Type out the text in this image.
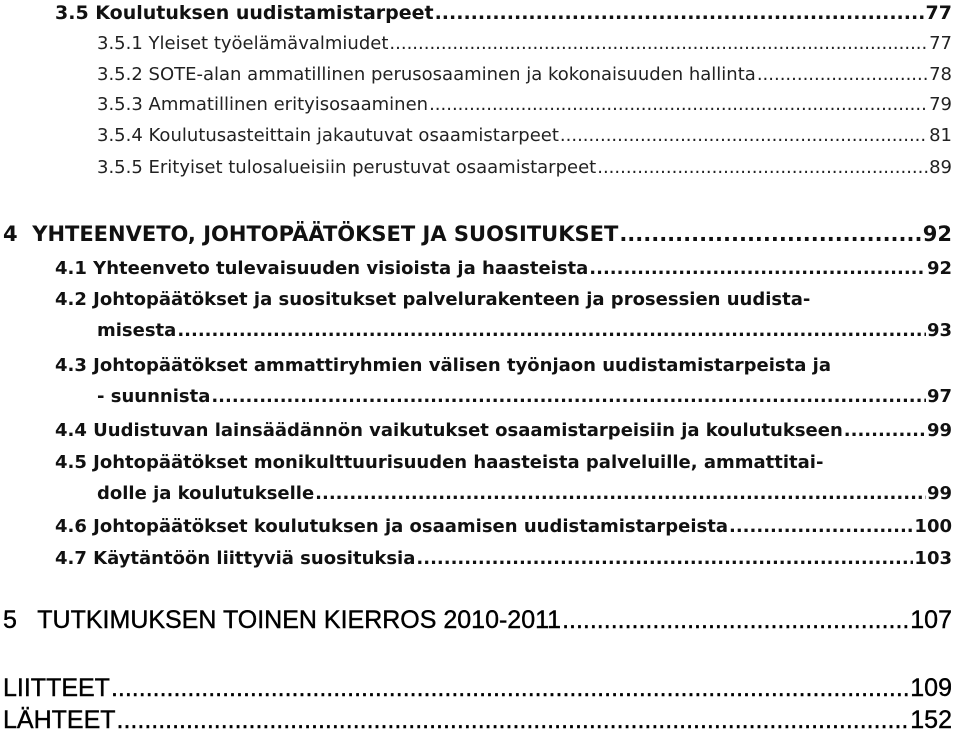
3.5 Koulutuksen uudistamistarpeet .....	77
3.5.1 Yleiset työelämävalmiudet .....	77
3.5.2 SOTE-alan ammatillinen perusosaaminen ja kokonaisuuden hallinta .....	78
3.5.3 Ammatillinen erityisosaaminen .....	79
3.5.4 Koulutusasteittain jakautuvat osaamistarpeet .....	81
3.5.5 Erityiset tulosalueisiin perustuvat osaamistarpeet .....	89
4  YHTEENVETO, JOHTOPÄÄTÖKSET JA SUOSITUKSET .....	92
4.1 Yhteenveto tulevaisuuden visioista ja haasteista .....	92
4.2 Johtopäätökset ja suositukset palvelurakenteen ja prosessien uudista-
misesta .....	93
4.3 Johtopäätökset ammattiryhmien välisen työnjaon uudistamistarpeista ja
- suunnista .....	97
4.4 Uudistuvan lainsäädännön vaikutukset osaamistarpeisiin ja koulutukseen .....	99
4.5 Johtopäätökset monikulttuurisuuden haasteista palveluille, ammattitai-
dolle ja koulutukselle .....	99
4.6 Johtopäätökset koulutuksen ja osaamisen uudistamistarpeista .....	100
4.7 Käytäntöön liittyviä suosituksia .....	103
5   TUTKIMUKSEN TOINEN KIERROS 2010-2011 .....	107
LIITTEET .....	109
LÄHTEET .....	152
